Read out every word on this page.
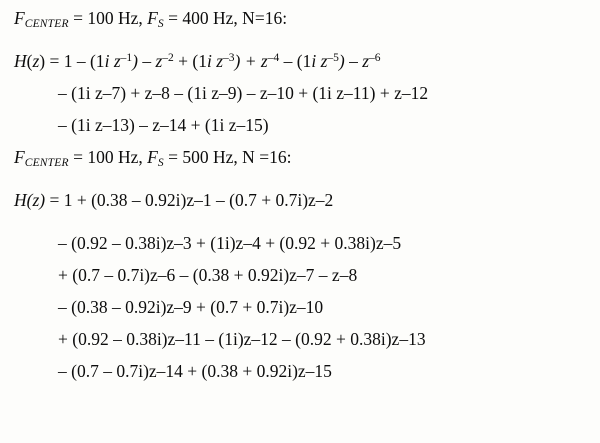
$F_{CENTER} = 100$ Hz, $F_S = 400$ Hz, N=16:
H(z) = 1 – (1i $z^{-1}) - z^{-2} + (1i$ $z^{-3}) + z^{-4} - (1i$ $z^{-5}) - z^{-6}$
– (1i z–7) + z–8 – (1i z–9) – z–10 + (1i z–11) + z–12
– (1i z–13) – z–14 + (1i z–15)
$F_{CENTER} = 100$ Hz, $F_S = 500$ Hz, N =16:
H(z) = 1 + (0.38 – 0.92i)z–1 – (0.7 + 0.7i)z–2
– (0.92 – 0.38i)z–3 + (1i)z–4 + (0.92 + 0.38i)z–5
+ (0.7 – 0.7i)z–6 – (0.38 + 0.92i)z–7 – z–8
– (0.38 – 0.92i)z–9 + (0.7 + 0.7i)z–10
+ (0.92 – 0.38i)z–11 – (1i)z–12 – (0.92 + 0.38i)z–13
– (0.7 – 0.7i)z–14 + (0.38 + 0.92i)z–15
